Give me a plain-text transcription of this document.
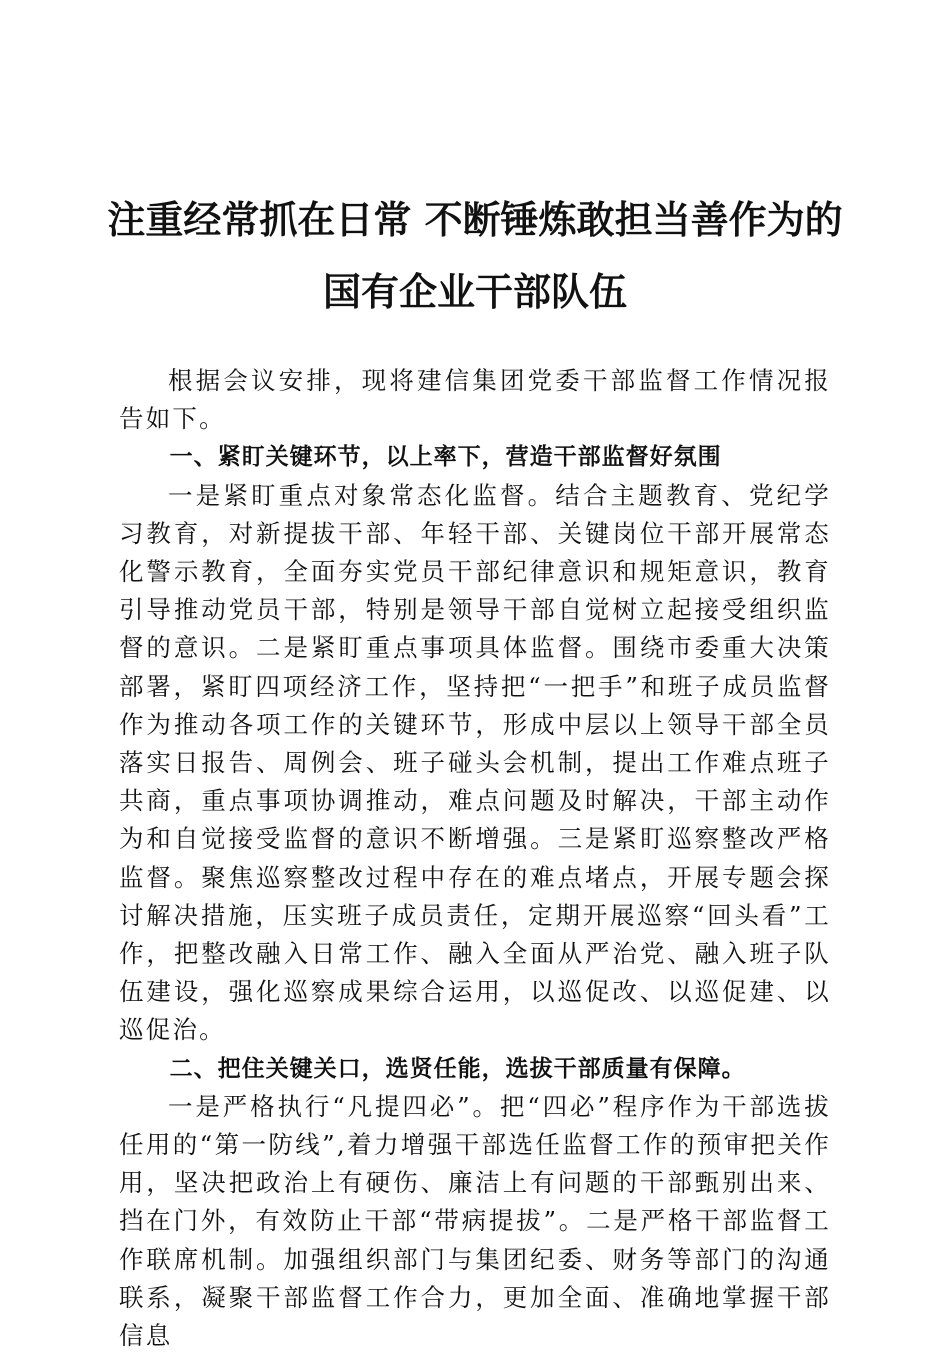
注重经常抓在日常 不断锤炼敢担当善作为的
国有企业干部队伍

根据会议安排，现将建信集团党委干部监督工作情况报告如下。

一、紧盯关键环节，以上率下，营造干部监督好氛围

一是紧盯重点对象常态化监督。结合主题教育、党纪学习教育，对新提拔干部、年轻干部、关键岗位干部开展常态化警示教育，全面夯实党员干部纪律意识和规矩意识，教育引导推动党员干部，特别是领导干部自觉树立起接受组织监督的意识。二是紧盯重点事项具体监督。围绕市委重大决策部署，紧盯四项经济工作，坚持把“一把手”和班子成员监督作为推动各项工作的关键环节，形成中层以上领导干部全员落实日报告、周例会、班子碰头会机制，提出工作难点班子共商，重点事项协调推动，难点问题及时解决，干部主动作为和自觉接受监督的意识不断增强。三是紧盯巡察整改严格监督。聚焦巡察整改过程中存在的难点堵点，开展专题会探讨解决措施，压实班子成员责任，定期开展巡察“回头看”工作，把整改融入日常工作、融入全面从严治党、融入班子队伍建设，强化巡察成果综合运用，以巡促改、以巡促建、以巡促治。

二、把住关键关口，选贤任能，选拔干部质量有保障。

一是严格执行“凡提四必”。把“四必”程序作为干部选拔任用的“第一防线”,着力增强干部选任监督工作的预审把关作用，坚决把政治上有硬伤、廉洁上有问题的干部甄别出来、挡在门外，有效防止干部“带病提拔”。二是严格干部监督工作联席机制。加强组织部门与集团纪委、财务等部门的沟通联系，凝聚干部监督工作合力，更加全面、准确地掌握干部信息
